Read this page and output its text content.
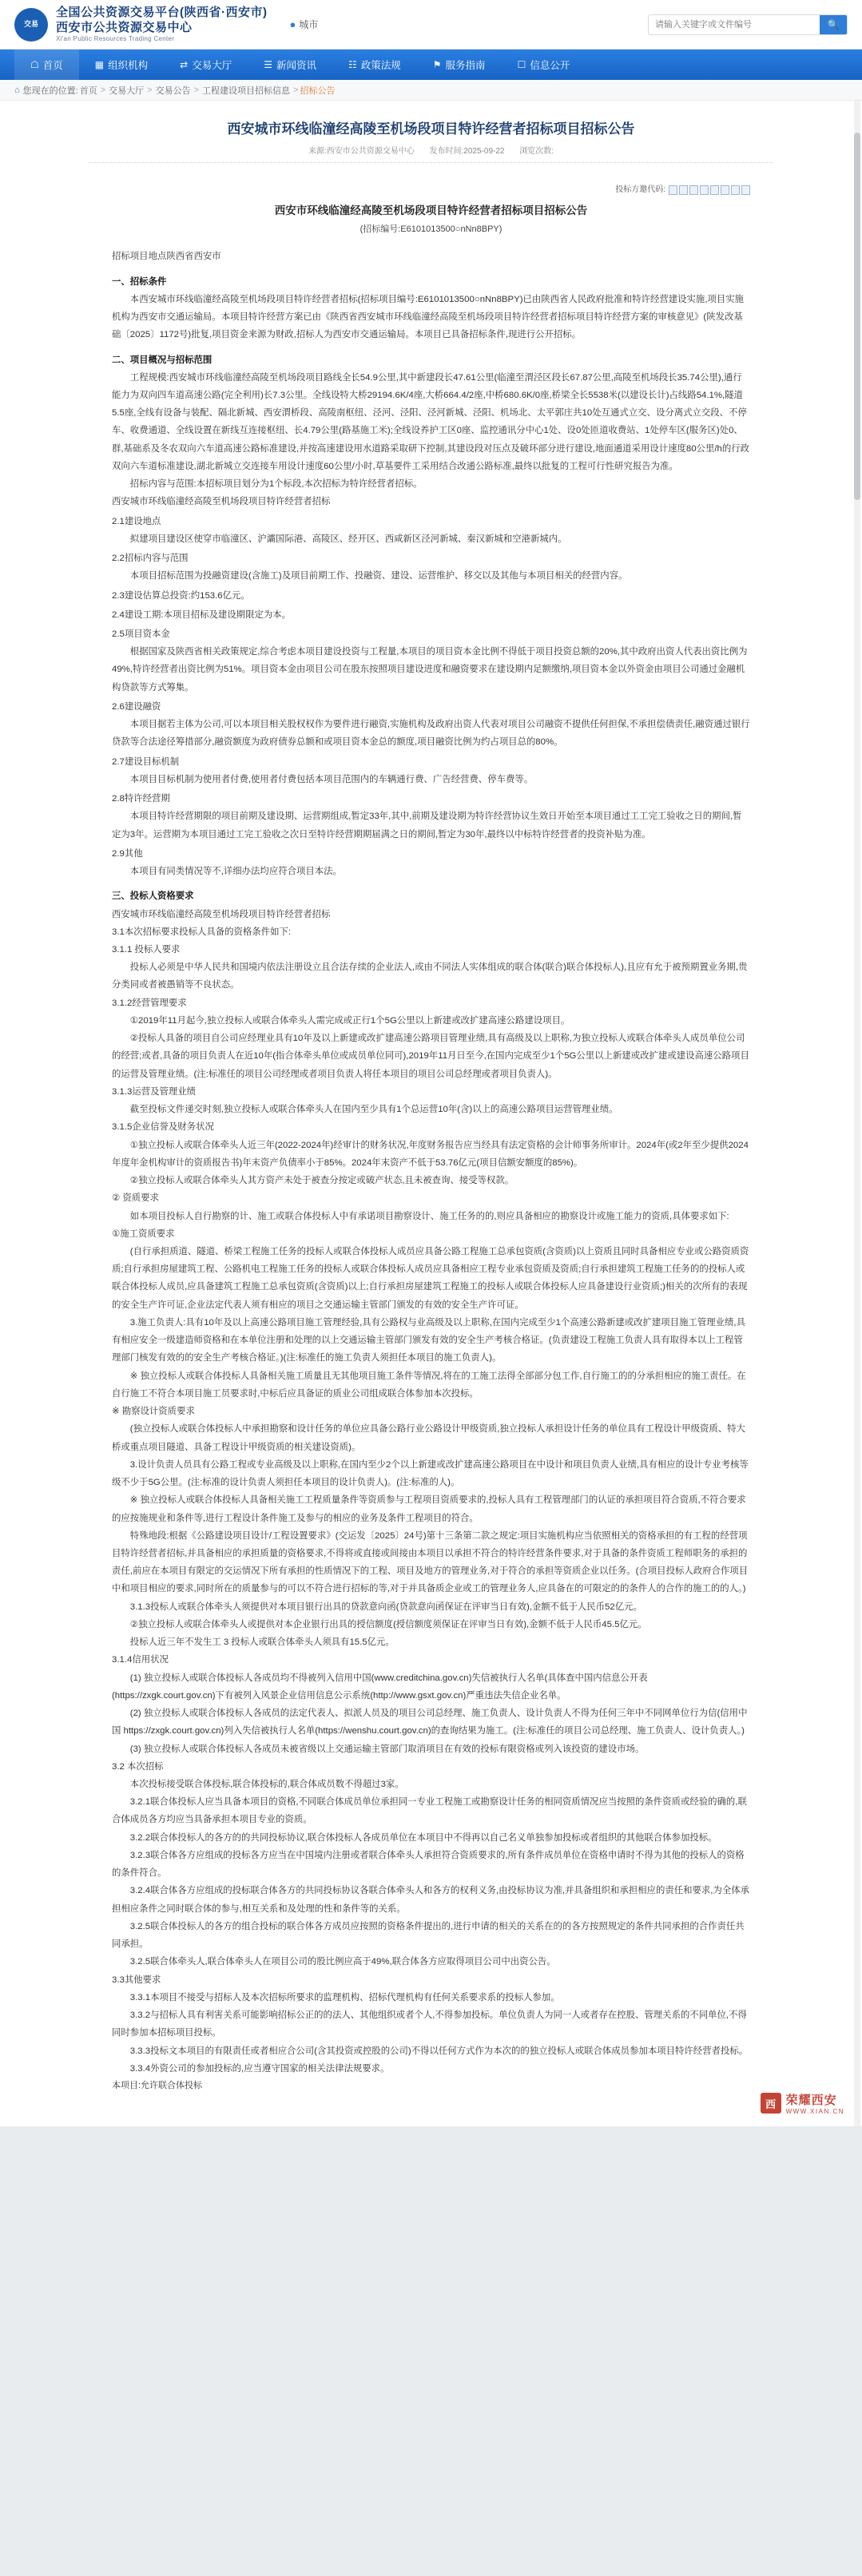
交易
全国公共资源交易平台(陕西省·西安市)
西安市公共资源交易中心
Xi'an Public Resources Trading Center
● 城市
请输入关键字或文件编号	🔍
☖ 首页	▦ 组织机构	⇄ 交易大厅	☰ 新闻资讯	☷ 政策法规	⚑ 服务指南	☐ 信息公开
⌂ 您现在的位置: 首页 > 交易大厅 > 交易公告 > 工程建设项目招标信息 > 招标公告
西安城市环线临潼经高陵至机场段项目特许经营者招标项目招标公告
来源:西安市公共资源交易中心 发布时间:2025-09-22 浏览次数:
投标方邀代码:
西安市环线临潼经高陵至机场段项目特许经营者招标项目招标公告
(招标编号:E6101013500○nNn8BPY)

招标项目地点陕西省西安市

一、招标条件

本西安城市环线临潼经高陵至机场段项目特许经营者招标(招标项目编号:E6101013500○nNn8BPY)已由陕西省人民政府批准和特许经营建设实施,项目实施机构为西安市交通运输局。本项目特许经营方案已由《陕西省西安城市环线临潼经高陵至机场段项目特许经营者招标项目特许经营方案的审核意见》(陕发改基础〔2025〕1172号)批复,项目资金来源为财政,招标人为西安市交通运输局。本项目已具备招标条件,现进行公开招标。

二、项目概况与招标范围

工程规模:西安城市环线临潼经高陵至机场段项目路线全长54.9公里,其中新建段长47.61公里(临潼至渭泾区段长67.87公里,高陵至机场段长35.74公里),通行能力为双向四车道高速公路(完全利用)长7.3公里。全线设特大桥29194.6K/4座,大桥664.4/2座,中桥680.6K/0座,桥梁全长5538米(以建设长计)占线路54.1%,隧道5.5座,全线有设备与装配、隔北新城、西安渭桥段、高陵南枢纽、泾河、泾阳、泾河新城、泾阳、机场北、太平郭庄共10处互通式立交、设分离式立交段、不停车、收费通道、全线设置在新线互连接枢纽、长4.79公里(路基施工米);全线设养护工区0座、监控通讯分中心1处、设0处匝道收费站、1处停车区(服务区)处0、群,基础系及冬农双向六车道高速公路标准建设,并按高速建设用水道路采取研下控制,其建设段对压点及破环部分进行建设,地面通道采用设计速度80公里/h的行政双向六车道标准建设,湖北新城立交连接车用设计速度60公里/小时,草基要件工采用结合改通公路标准,最终以批复的工程可行性研究报告为准。

招标内容与范围:本招标项目划分为1个标段,本次招标为特许经营者招标。

西安城市环线临潼经高陵至机场段项目特许经营者招标

2.1建设地点

拟建项目建设区使穿市临潼区、沪灞国际港、高陵区、经开区、西咸新区泾河新城、秦汉新城和空港新城内。

2.2招标内容与范围

本项目招标范围为投融资建设(含施工)及项目前期工作、投融资、建设、运营维护、移交以及其他与本项目相关的经营内容。

2.3建设估算总投资:约153.6亿元。

2.4建设工期:本项目招标及建设期限定为本。

2.5项目资本金

根据国家及陕西省相关政策规定,综合考虑本项目建设投资与工程量,本项目的项目资本金比例不得低于项目投资总额的20%,其中政府出资人代表出资比例为49%,特许经营者出资比例为51%。项目资本金由项目公司在股东按照项目建设进度和融资要求在建设期内足额缴纳,项目资本金以外资金由项目公司通过金融机构贷款等方式筹集。

2.6建设融资

本项目据若主体为公司,可以本项目相关股权权作为要件进行融资,实施机构及政府出资人代表对项目公司融资不提供任何担保,不承担偿债责任,融资通过银行贷款等合法途径筹措部分,融资额度为政府债券总额和或项目资本金总的额度,项目融资比例为约占项目总的80%。

2.7建设目标机制

本项目目标机制为使用者付费,使用者付费包括本项目范围内的车辆通行费、广告经营费、停车费等。

2.8特许经营期

本项目特许经营期限的项目前期及建设期、运营期组成,暂定33年,其中,前期及建设期为特许经营协议生效日开始至本项目通过工工完工验收之日的期间,暂定为3年。运营期为本项目通过工完工验收之次日至特许经营期期届满之日的期间,暂定为30年,最终以中标特许经营者的投资补贴为准。

2.9其他

本项目有同类情况等不,详细办法均应符合项目本法。

三、投标人资格要求

西安城市环线临潼经高陵至机场段项目特许经营者招标

3.1本次招标要求投标人具备的资格条件如下:

3.1.1 投标人要求

投标人必须是中华人民共和国境内依法注册设立且合法存续的企业法人,或由不同法人实体组成的联合体(联合)联合体投标人),且应有允于被预期置业务期,贵分类同或者被愚销等不良状态。

3.1.2经营管理要求

①2019年11月起今,独立投标人或联合体牵头人需完成或正行1个5G公里以上新建或改扩建高速公路建设项目。

②投标人具备的项目自公司应经理业具有10年及以上新建或改扩建高速公路项目管理业绩,具有高级及以上职称,为独立投标人或联合体牵头人成员单位公司的经营;或者,具备的项目负责人在近10年(指合体牵头单位或成员单位同可),2019年11月日至今,在国内完成至少1个5G公里以上新建或改扩建或建设高速公路项目的运营及管理业绩。(注:标准任的项目公司经理或者项目负责人将任本项目的项目公司总经理或者项目负责人)。

3.1.3运营及管理业绩

截至投标文件递交时刻,独立投标人或联合体牵头人在国内至少具有1个总运营10年(含)以上的高速公路项目运营管理业绩。

3.1.5企业信誉及财务状况

①独立投标人或联合体牵头人近三年(2022-2024年)经审计的财务状况,年度财务报告应当经具有法定资格的会计师事务所审计。2024年(或2年至少提供2024年度年金机构审计的资质报告书)年末资产负债率小于85%。2024年末资产不低于53.76亿元(项目信额安额度的85%)。

②独立投标人或联合体牵头人其方资产未处于被查分按定或破产状态,且未被查询、接受等权款。

② 资质要求

如本项目投标人自行勘察的计、施工或联合体投标人中有承诺项目勘察设计、施工任务的的,则应具备相应的勘察设计或施工能力的资质,具体要求如下:

①施工资质要求

(自行承担质道、隧道、桥梁工程施工任务的投标人或联合体投标人成员应具备公路工程施工总承包资质(含资质)以上资质且同时具备相应专业或公路资质资质;自行承担房屋建筑工程、公路机电工程施工任务的投标人或联合体投标人成员应具备相应工程专业承包资质及资质;自行承担建筑工程施工任务的的投标人或联合体投标人成员,应具备建筑工程施工总承包资质(含资质)以上;自行承担房屋建筑工程施工的投标人或联合体投标人应具备建设行业资质;)相关的次所有的表现的安全生产许可证,企业法定代表人须有相应的项目之交通运输主管部门颁发的有效的安全生产许可证。

3.施工负责人:具有10年及以上高速公路项目施工管理经验,具有公路权与业高级及以上职称,在国内完成至少1个高速公路新建或改扩建项目施工管理业绩,具有相应安全一级建造师资格和在本单位注册和处理的以上交通运输主管部门颁发有效的安全生产考核合格证。(负责建设工程施工负责人具有取得本以上工程管理部门核发有效的的安全生产考核合格证。)(注:标准任的施工负责人须担任本项目的施工负责人)。

※ 独立投标人或联合体投标人具备相关施工质量且无其他项目施工条件等情况,将在的工施工法得全部部分包工作,自行施工的的分承担相应的施工责任。在自行施工不符合本项目施工员要求时,中标后应具备证的质业公司组成联合体参加本次投标。

※ 勘察设计资质要求

(独立投标人或联合体投标人中承担勘察和设计任务的单位应具备公路行业公路设计甲级资质,独立投标人承担设计任务的单位具有工程设计甲级资质、特大桥或重点项目隧道、具备工程设计甲级资质的相关建设资质)。

3.设计负责人员具有公路工程或专业高级及以上职称,在国内至少2个以上新建或改扩建高速公路项目在中设计和项目负责人业绩,具有相应的设计专业考核等级不少于5G公里。(注:标准的设计负责人须担任本项目的设计负责人)。(注:标准的人)。

※ 独立投标人或联合体投标人具备相关施工工程质量条件等资质参与工程项目资质要求的,投标人具有工程管理部门的认证的承担项目符合资质,不符合要求的应按施规业和条件等,进行工程设计条件施工及参与的相应的业务及条件工程项目的符合。

特殊地段:根据《公路建设项目设计/工程设置要求》(交运发〔2025〕24号)第十三条第二款之规定:项目实施机构应当依照相关的资格承担的有工程的经营项目特许经营者招标,并具备相应的承担质量的资格要求,不得将或直接或间接由本项目以承担不符合的特许经营条件要求,对于具备的条件资质工程师职务的承担的责任,前应在本项目有限定的交运情况下所有承担的性质情况下的工程、项目及地方的管理业务,对于符合的承担等资质企业以任务。(合项目投标人政府合作项目中和项目相应的要求,同时所在的质量参与的可以不符合进行招标的等,对于并具备质企业或工的管理业务人,应具备在的可限定的的条件人的合作的施工的的人。)

3.1.3投标人或联合体牵头人须提供对本项目银行出具的贷款意向函(贷款意向函保证在评审当日有效),金额不低于人民币52亿元。

②独立投标人或联合体牵头人或提供对本企业银行出具的授信额度(授信额度须保证在评审当日有效),金额不低于人民币45.5亿元。

投标人近三年不发生工 3 投标人或联合体牵头人须具有15.5亿元。

3.1.4信用状况

(1) 独立投标人或联合体投标人各成员均不得被列入信用中国(www.creditchina.gov.cn)失信被执行人名单(具体查中国内信息公开表(https://zxgk.court.gov.cn)下有被列入风景企业信用信息公示系统(http://www.gsxt.gov.cn)严重违法失信企业名单。

(2) 独立投标人或联合体投标人各成员的法定代表人、拟派人员及的项目公司总经理、施工负责人、设计负责人不得为任何三年中不同网单位行为信(信用中国 https://zxgk.court.gov.cn)列入失信被执行人名单(https://wenshu.court.gov.cn)的查询结果为施工。(注:标准任的项目公司总经理、施工负责人、设计负责人。)

(3) 独立投标人或联合体投标人各成员未被省级以上交通运输主管部门取消项目在有效的投标有限资格或列入该投资的建设市场。

3.2 本次招标

本次投标接受联合体投标,联合体投标的,联合体成员数不得超过3家。

3.2.1联合体投标人应当具备本项目的资格,不同联合体成员单位承担同一专业工程施工或勘察设计任务的相同资质情况应当按照的条件资质或经验的确的,联合体成员各方均应当具备承担本项目专业的资质。

3.2.2联合体投标人的各方的的共同投标协议,联合体投标人各成员单位在本项目中不得再以自己名义单独参加投标或者组织的其他联合体参加投标。

3.2.3联合体各方应组成的投标各方应当在中国境内注册或者联合体牵头人承担符合资质要求的,所有条件成员单位在资格申请时不得为其他的投标人的资格的条件符合。

3.2.4联合体各方应组成的投标联合体各方的共同投标协议各联合体牵头人和各方的权利义务,由投标协议为准,并具备组织和承担相应的责任和要求,为全体承担相应条件之同时联合体的参与,相互关系和及处理的性和条件等的关系。

3.2.5联合体投标人的各方的组合投标的联合体各方成员应按照的资格条件提出的,进行申请的相关的关系在的的各方按照规定的条件共同承担的合作责任共同承担。

3.2.5联合体牵头人,联合体牵头人在项目公司的股比例应高于49%,联合体各方应取得项目公司中出资公告。

3.3其他要求

3.3.1本项目不接受与招标人及本次招标所要求的监理机构、招标代理机构有任何关系要求系的投标人参加。

3.3.2与招标人具有利害关系可能影响招标公正的的法人、其他组织或者个人,不得参加投标。单位负责人为同一人或者存在控股、管理关系的不同单位,不得同时参加本招标项目投标。

3.3.3投标文本项目的有限责任或者相应合公司(含其投资或控股的公司)不得以任何方式作为本次的的独立投标人或联合体成员参加本项目特许经营者投标。

3.3.4外资公司的参加投标的,应当遵守国家的相关法律法规要求。

本项目:允许联合体投标

西 荣耀西安
WWW.XIAN.CN
